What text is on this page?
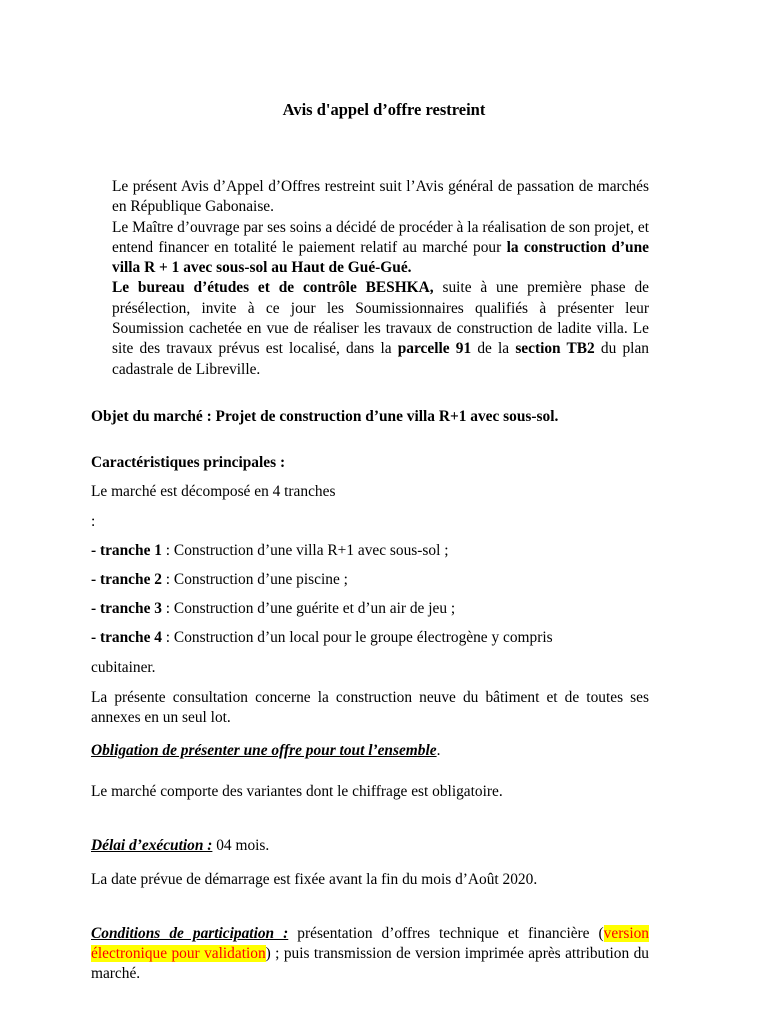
Avis d'appel d’offre restreint

Le présent Avis d’Appel d’Offres restreint suit l’Avis général de passation de marchés en République Gabonaise.
Le Maître d’ouvrage par ses soins a décidé de procéder à la réalisation de son projet, et entend financer en totalité le paiement relatif au marché pour la construction d’une villa R + 1 avec sous-sol au Haut de Gué-Gué.
Le bureau d’études et de contrôle BESHKA, suite à une première phase de présélection, invite à ce jour les Soumissionnaires qualifiés à présenter leur Soumission cachetée en vue de réaliser les travaux de construction de ladite villa. Le site des travaux prévus est localisé, dans la parcelle 91 de la section TB2 du plan cadastrale de Libreville.

Objet du marché : Projet de construction d’une villa R+1 avec sous-sol.

Caractéristiques principales :

Le marché est décomposé en 4 tranches

:

- tranche 1 : Construction d’une villa R+1 avec sous-sol ;

- tranche 2 : Construction d’une piscine ;

- tranche 3 : Construction d’une guérite et d’un air de jeu ;

- tranche 4 : Construction d’un local pour le groupe électrogène y compris

cubitainer.

La présente consultation concerne la construction neuve du bâtiment et de toutes ses annexes en un seul lot.

Obligation de présenter une offre pour tout l’ensemble.

Le marché comporte des variantes dont le chiffrage est obligatoire.

Délai d’exécution : 04 mois.

La date prévue de démarrage est fixée avant la fin du mois d’Août 2020.

Conditions de participation : présentation d’offres technique et financière (version électronique pour validation) ; puis transmission de version imprimée après attribution du marché.
